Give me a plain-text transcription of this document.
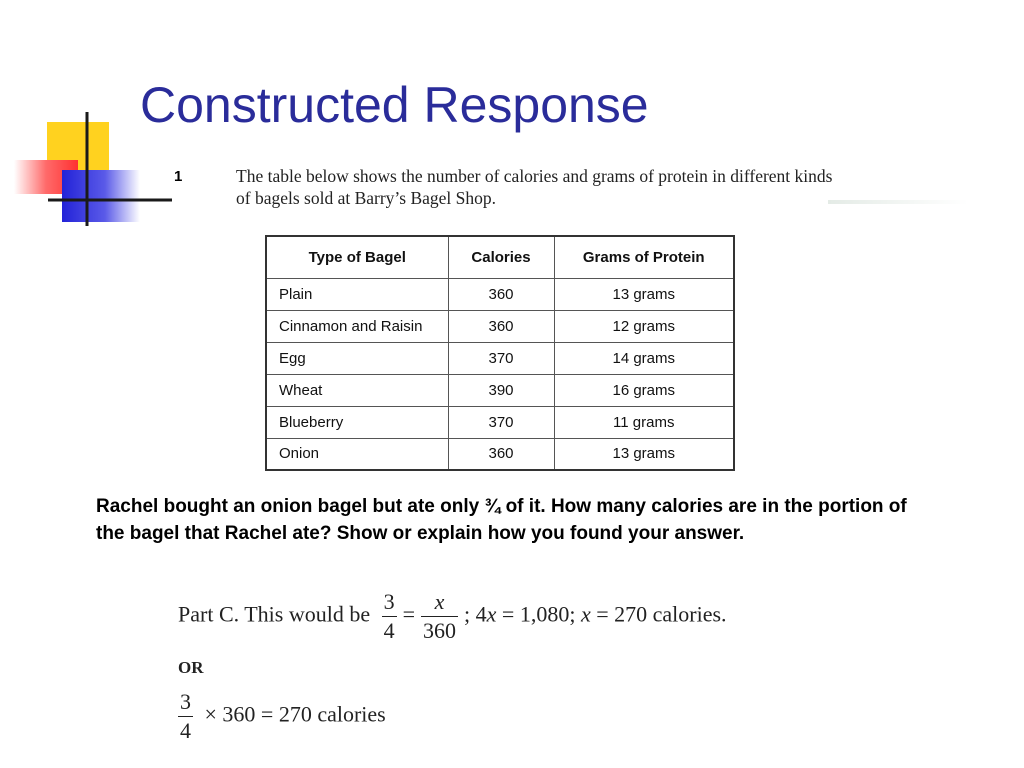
Constructed Response
1	The table below shows the number of calories and grams of protein in different kinds of bagels sold at Barry’s Bagel Shop.
Type of Bagel	Calories	Grams of Protein
Plain	360	13 grams
Cinnamon and Raisin	360	12 grams
Egg	370	14 grams
Wheat	390	16 grams
Blueberry	370	11 grams
Onion	360	13 grams
Rachel bought an onion bagel but ate only ¾ of it. How many calories are in the portion of the bagel that Rachel ate? Show or explain how you found your answer.
Part C. This would be $\frac{3}{4} = \frac{x}{360}$ ; 4x = 1,080; x = 270 calories.
OR
$\frac{3}{4} \times 360 = 270$ calories
